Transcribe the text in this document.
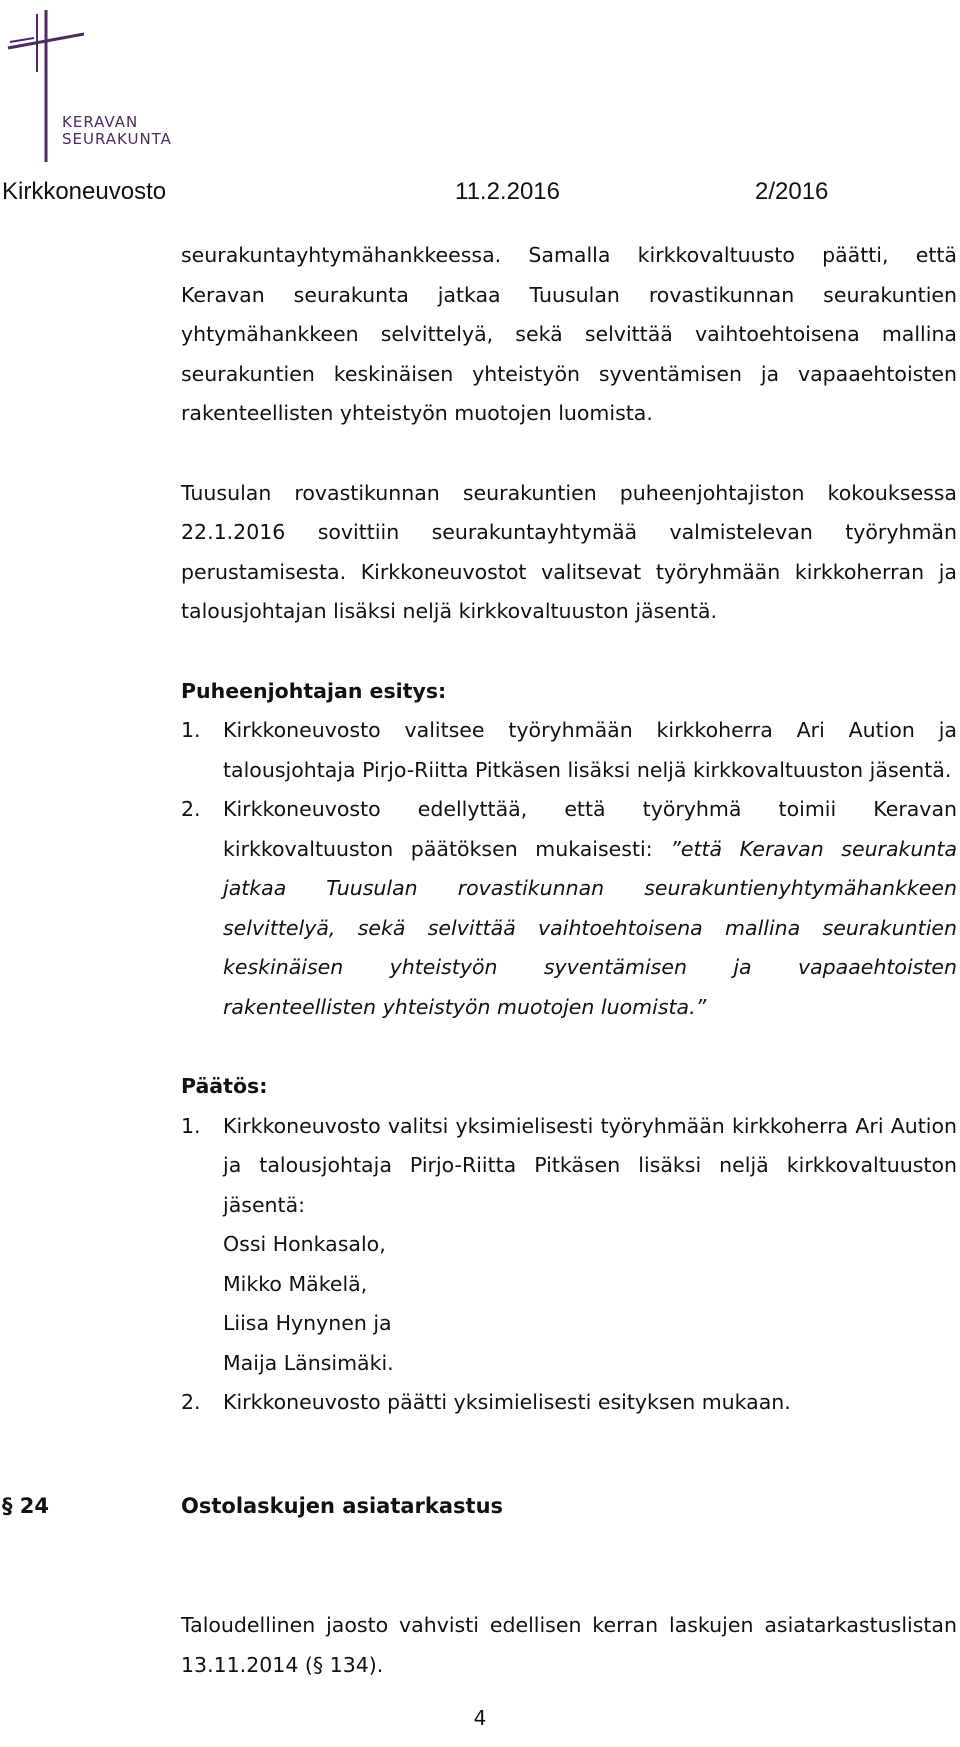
KERAVAN
SEURAKUNTA
Kirkkoneuvosto	11.2.2016	2/2016

seurakuntayhtymähankkeessa. Samalla kirkkovaltuusto päätti, että Keravan seurakunta jatkaa Tuusulan rovastikunnan seurakuntien yhtymähankkeen selvittelyä, sekä selvittää vaihtoehtoisena mallina seurakuntien keskinäisen yhteistyön syventämisen ja vapaaehtoisten rakenteellisten yhteistyön muotojen luomista.

Tuusulan rovastikunnan seurakuntien puheenjohtajiston kokouksessa 22.1.2016 sovittiin seurakuntayhtymää valmistelevan työryhmän perustamisesta. Kirkkoneuvostot valitsevat työryhmään kirkkoherran ja talousjohtajan lisäksi neljä kirkkovaltuuston jäsentä.

Puheenjohtajan esitys:
1. Kirkkoneuvosto valitsee työryhmään kirkkoherra Ari Aution ja talousjohtaja Pirjo-Riitta Pitkäsen lisäksi neljä kirkkovaltuuston jäsentä.
2. Kirkkoneuvosto edellyttää, että työryhmä toimii Keravan kirkkovaltuuston päätöksen mukaisesti: ”että Keravan seurakunta jatkaa Tuusulan rovastikunnan seurakuntienyhtymähankkeen selvittelyä, sekä selvittää vaihtoehtoisena mallina seurakuntien keskinäisen yhteistyön syventämisen ja vapaaehtoisten rakenteellisten yhteistyön muotojen luomista.”
Päätös:
1. Kirkkoneuvosto valitsi yksimielisesti työryhmään kirkkoherra Ari Aution ja talousjohtaja Pirjo-Riitta Pitkäsen lisäksi neljä kirkkovaltuuston jäsentä:
Ossi Honkasalo,
Mikko Mäkelä,
Liisa Hynynen ja
Maija Länsimäki.
2. Kirkkoneuvosto päätti yksimielisesti esityksen mukaan.
§ 24	Ostolaskujen asiatarkastus

Taloudellinen jaosto vahvisti edellisen kerran laskujen asiatarkastuslistan 13.11.2014 (§ 134).

4
